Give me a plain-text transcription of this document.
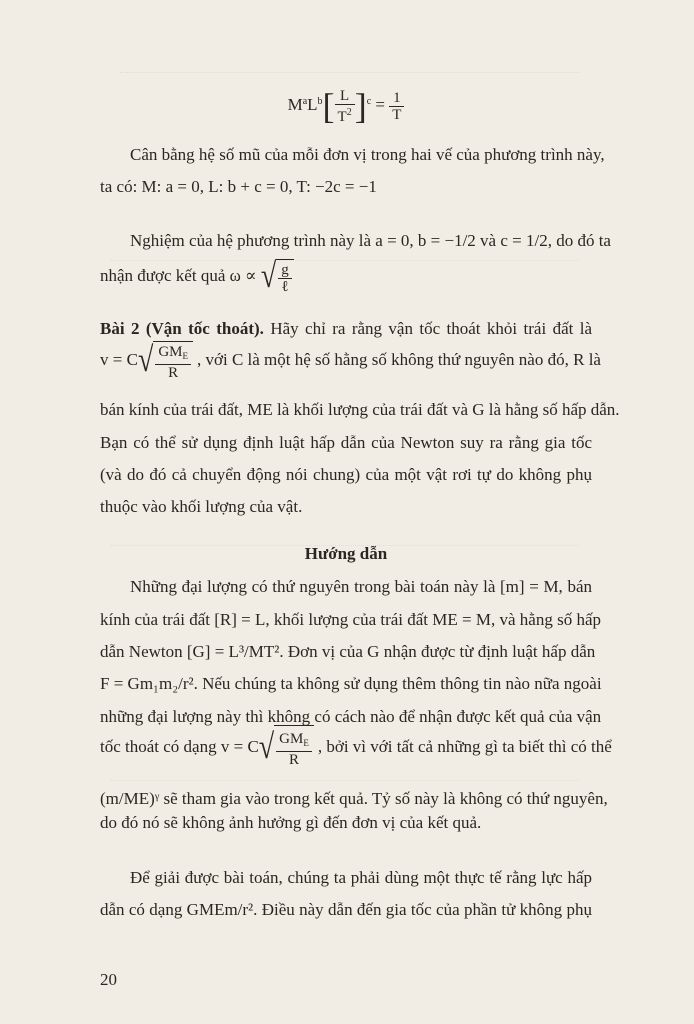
$M^aL^b[ \frac{L}{T^2} ]^c = \frac{1}{T}$
Cân bằng hệ số mũ của mỗi đơn vị trong hai vế của phương trình này,
ta có: M: a = 0, L: b + c = 0, T: −2c = −1
Nghiệm của hệ phương trình này là a = 0, b = −1/2 và c = 1/2, do đó ta
nhận được kết quả ω ∝ √ $\frac{g}{\text{ℓ}}$
Bài 2 (Vận tốc thoát). Hãy chỉ ra rằng vận tốc thoát khỏi trái đất là
$v = C√ \frac{GM_E}{R}$ , với C là một hệ số hằng số không thứ nguyên nào đó, R là
bán kính của trái đất, ME là khối lượng của trái đất và G là hằng số hấp dẫn.
Bạn có thể sử dụng định luật hấp dẫn của Newton suy ra rằng gia tốc
(và do đó cả chuyển động nói chung) của một vật rơi tự do không phụ
thuộc vào khối lượng của vật.
Hướng dẫn
Những đại lượng có thứ nguyên trong bài toán này là [m] = M, bán
kính của trái đất [R] = L, khối lượng của trái đất ME = M, và hằng số hấp
dẫn Newton [G] = L³/MT². Đơn vị của G nhận được từ định luật hấp dẫn
F = Gm₁m₂/r². Nếu chúng ta không sử dụng thêm thông tin nào nữa ngoài
những đại lượng này thì không có cách nào để nhận được kết quả của vận
tốc thoát có dạng $v = C√ \frac{GM_E}{R}$ , bởi vì với tất cả những gì ta biết thì có thể
(m/ME)ᵞ sẽ tham gia vào trong kết quả. Tỷ số này là không có thứ nguyên,
do đó nó sẽ không ảnh hưởng gì đến đơn vị của kết quả.
Để giải được bài toán, chúng ta phải dùng một thực tế rằng lực hấp
dẫn có dạng GMEm/r². Điều này dẫn đến gia tốc của phần tử không phụ
20
